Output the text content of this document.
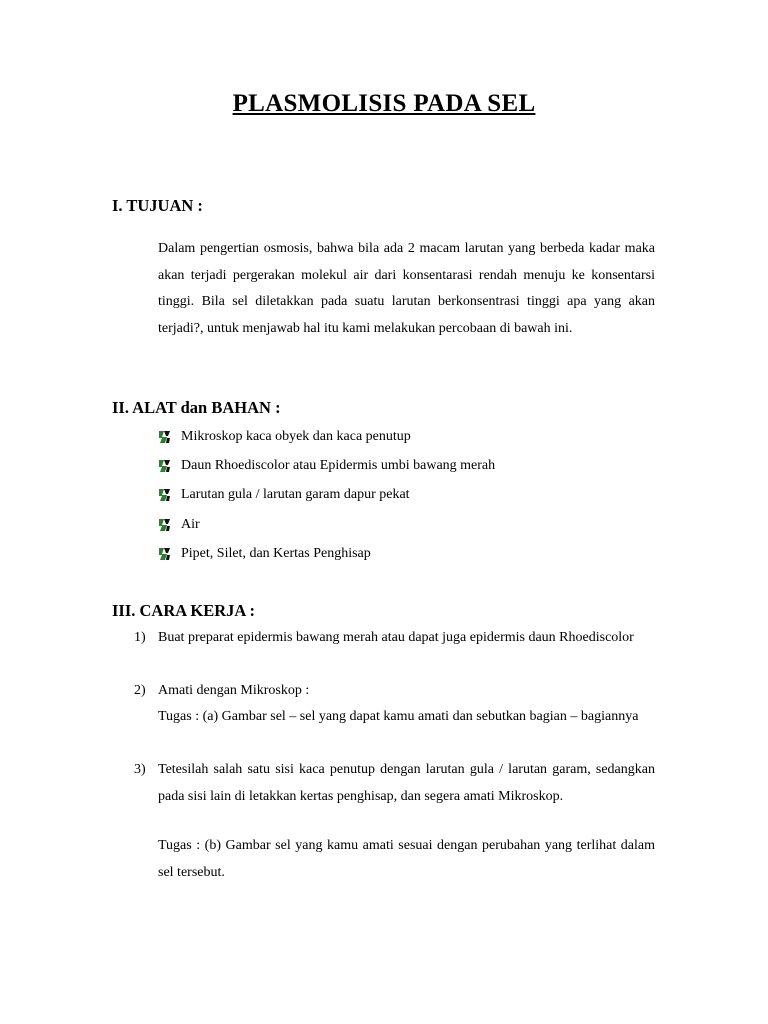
PLASMOLISIS PADA SEL
I. TUJUAN :

Dalam pengertian osmosis, bahwa bila ada 2 macam larutan yang berbeda kadar maka akan terjadi pergerakan molekul air dari konsentarasi rendah menuju ke konsentarsi tinggi. Bila sel diletakkan pada suatu larutan berkonsentrasi tinggi apa yang akan terjadi?, untuk menjawab hal itu kami melakukan percobaan di bawah ini.

II. ALAT dan BAHAN :
Mikroskop kaca obyek dan kaca penutup
Daun Rhoediscolor atau Epidermis umbi bawang merah
Larutan gula / larutan garam dapur pekat
Air
Pipet, Silet, dan Kertas Penghisap
III. CARA KERJA :
1) Buat preparat epidermis bawang merah atau dapat juga epidermis daun Rhoediscolor

2) Amati dengan Mikroskop :

Tugas : (a) Gambar sel – sel yang dapat kamu amati dan sebutkan bagian – bagiannya

3) Tetesilah salah satu sisi kaca penutup dengan larutan gula / larutan garam, sedangkan pada sisi lain di letakkan kertas penghisap, dan segera amati Mikroskop.

Tugas : (b) Gambar sel yang kamu amati sesuai dengan perubahan yang terlihat dalam sel tersebut.
